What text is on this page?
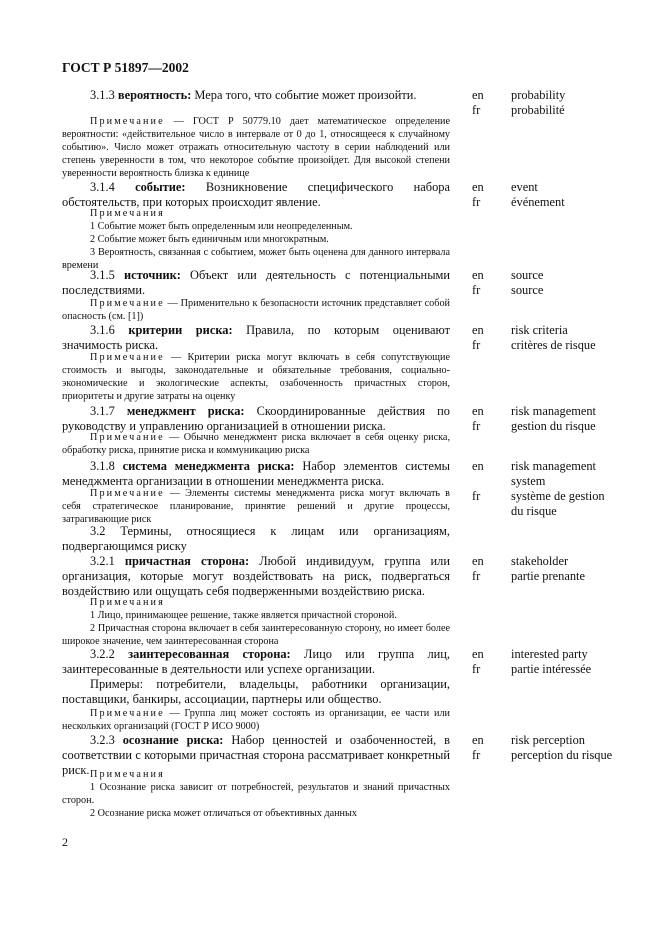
ГОСТ Р 51897—2002
3.1.3 вероятность: Мера того, что событие может произойти.	en
fr
probability
probabilité
Примечание — ГОСТ Р 50779.10 дает математическое определение вероятности: «действительное число в интервале от 0 до 1, относящееся к случайному событию». Число может отражать относительную частоту в серии наблюдений или степень уверенности в том, что некоторое событие произойдет. Для высокой степени уверенности вероятность близка к единице
3.1.4 событие: Возникновение специфического набора обстоятельств, при которых происходит явление.
en
fr
event
événement
Примечания
1 Событие может быть определенным или неопределенным.
2 Событие может быть единичным или многократным.
3 Вероятность, связанная с событием, может быть оценена для данного интервала времени
3.1.5 источник: Объект или деятельность с потенциальными последствиями.
en
fr
source
source
Примечание — Применительно к безопасности источник представляет собой опасность (см. [1])
3.1.6 критерии риска: Правила, по которым оценивают значимость риска.
en
fr
risk criteria
critères de risque
Примечание — Критерии риска могут включать в себя сопутствующие стоимость и выгоды, законодательные и обязательные требования, социально-экономические и экологические аспекты, озабоченность причастных сторон, приоритеты и другие затраты на оценку
3.1.7 менеджмент риска: Скоординированные действия по руководству и управлению организацией в отношении риска.
en
fr
risk management
gestion du risque
Примечание — Обычно менеджмент риска включает в себя оценку риска, обработку риска, принятие риска и коммуникацию риска
3.1.8 система менеджмента риска: Набор элементов системы менеджмента организации в отношении менеджмента риска.
en risk management
system
fr système de gestion du risque
Примечание — Элементы системы менеджмента риска могут включать в себя стратегическое планирование, принятие решений и другие процессы, затрагивающие риск
3.2 Термины, относящиеся к лицам или организациям, подвергающимся риску
3.2.1 причастная сторона: Любой индивидуум, группа или организация, которые могут воздействовать на риск, подвергаться воздействию или ощущать себя подверженными воздействию риска.
en
fr
stakeholder
partie prenante
Примечания
1 Лицо, принимающее решение, также является причастной стороной.
2 Причастная сторона включает в себя заинтересованную сторону, но имеет более широкое значение, чем заинтересованная сторона
3.2.2 заинтересованная сторона: Лицо или группа лиц, заинтересованные в деятельности или успехе организации.
en
fr
interested party
partie intéressée
Примеры: потребители, владельцы, работники организации, поставщики, банкиры, ассоциации, партнеры или общество.
Примечание — Группа лиц может состоять из организации, ее части или нескольких организаций (ГОСТ Р ИСО 9000)
3.2.3 осознание риска: Набор ценностей и озабоченностей, в соответствии с которыми причастная сторона рассматривает конкретный риск.
en
fr
risk perception
perception du risque
Примечания
1 Осознание риска зависит от потребностей, результатов и знаний причастных сторон.
2 Осознание риска может отличаться от объективных данных
2
